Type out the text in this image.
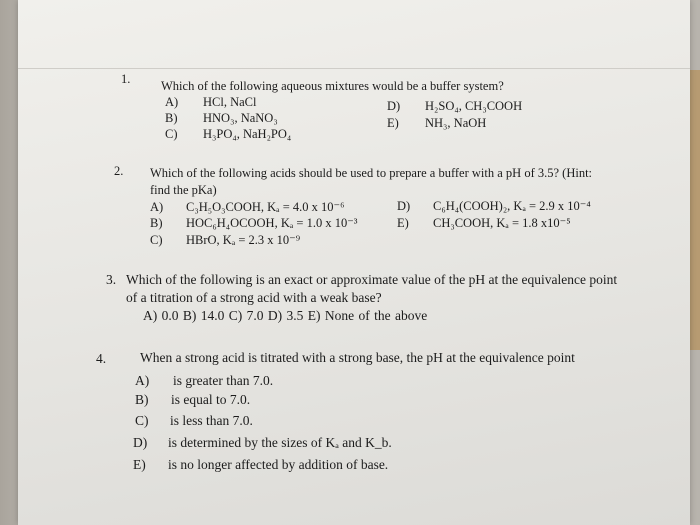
1. Which of the following aqueous mixtures would be a buffer system?
A) HCl, NaCl
B) HNO₃, NaNO₃
C) H₃PO₄, NaH₂PO₄
D) H₂SO₄, CH₃COOH
E) NH₃, NaOH
2. Which of the following acids should be used to prepare a buffer with a pH of 3.5? (Hint:
find the pKa)
A) C₃H₅O₃COOH, Kₐ = 4.0 x 10⁻⁶
B) HOC₆H₄OCOOH, Kₐ = 1.0 x 10⁻³
C) HBrO, Kₐ = 2.3 x 10⁻⁹
D) C₆H₄(COOH)₂, Kₐ = 2.9 x 10⁻⁴
E) CH₃COOH, Kₐ = 1.8 x10⁻⁵
3. Which of the following is an exact or approximate value of the pH at the equivalence point
of a titration of a strong acid with a weak base?
A) 0.0 B) 14.0 C) 7.0 D) 3.5 E) None of the above
4.	When a strong acid is titrated with a strong base, the pH at the equivalence point
A) is greater than 7.0.
B) is equal to 7.0.
C) is less than 7.0.
D) is determined by the sizes of Kₐ and K_b.
E) is no longer affected by addition of base.
